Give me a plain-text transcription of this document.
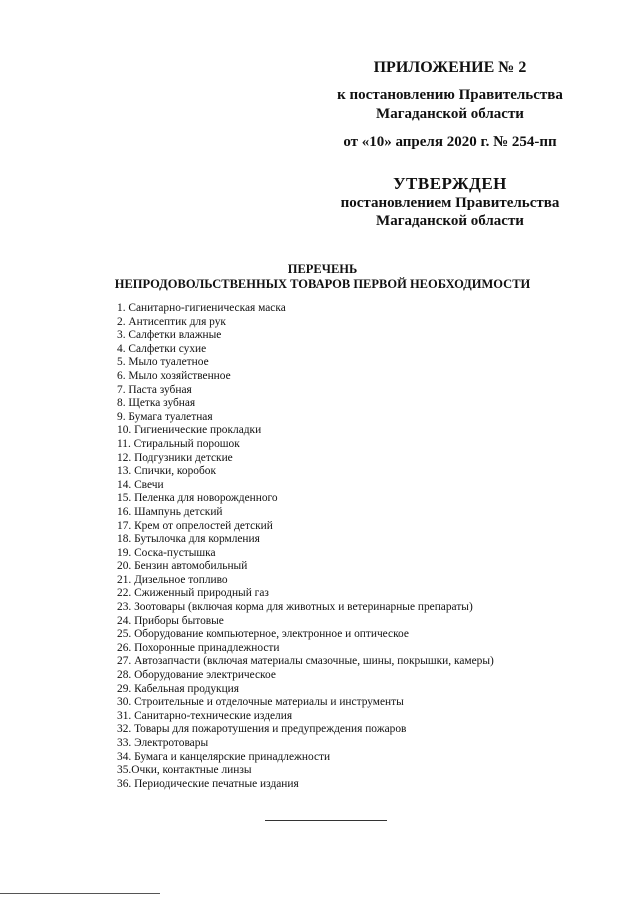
ПРИЛОЖЕНИЕ № 2
к постановлению Правительства
Магаданской области
от «10» апреля 2020 г. № 254-пп
УТВЕРЖДЕН
постановлением Правительства
Магаданской области
ПЕРЕЧЕНЬ
НЕПРОДОВОЛЬСТВЕННЫХ ТОВАРОВ ПЕРВОЙ НЕОБХОДИМОСТИ
1. Санитарно-гигиеническая маска
2. Антисептик для рук
3. Салфетки влажные
4. Салфетки сухие
5. Мыло туалетное
6. Мыло хозяйственное
7. Паста зубная
8. Щетка зубная
9. Бумага туалетная
10. Гигиенические прокладки
11. Стиральный порошок
12. Подгузники детские
13. Спички, коробок
14. Свечи
15. Пеленка для новорожденного
16. Шампунь детский
17. Крем от опрелостей детский
18. Бутылочка для кормления
19. Соска-пустышка
20. Бензин автомобильный
21. Дизельное топливо
22. Сжиженный природный газ
23. Зоотовары (включая корма для животных и ветеринарные препараты)
24. Приборы бытовые
25. Оборудование компьютерное, электронное и оптическое
26. Похоронные принадлежности
27. Автозапчасти (включая материалы смазочные, шины, покрышки, камеры)
28. Оборудование электрическое
29. Кабельная продукция
30. Строительные и отделочные материалы и инструменты
31. Санитарно-технические изделия
32. Товары для пожаротушения и предупреждения пожаров
33. Электротовары
34. Бумага и канцелярские принадлежности
35.Очки, контактные линзы
36. Периодические печатные издания
